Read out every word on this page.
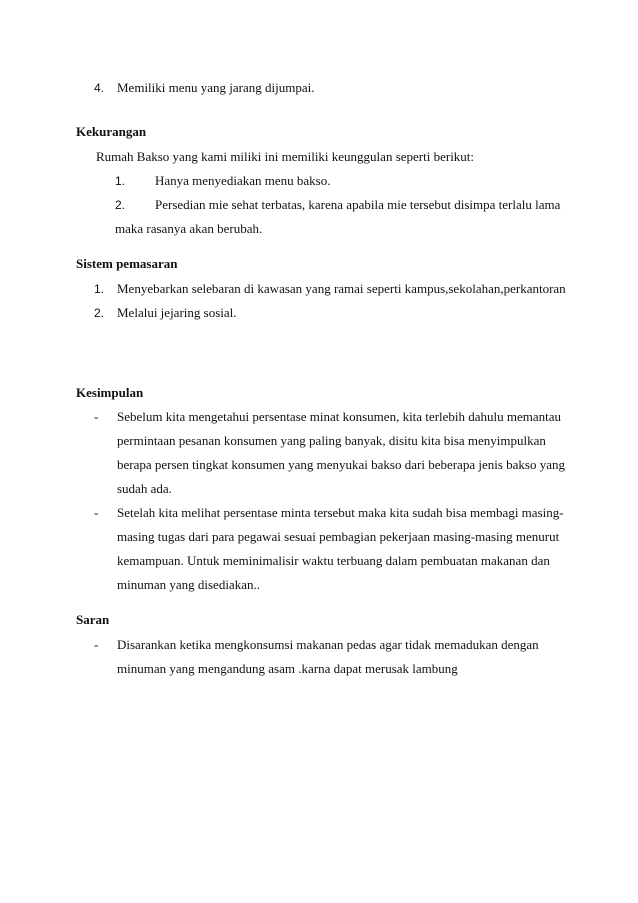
4. Memiliki menu yang jarang dijumpai.
Kekurangan
Rumah Bakso yang kami miliki ini memiliki keunggulan seperti berikut:
1. Hanya menyediakan menu bakso.
2. Persedian mie sehat terbatas, karena apabila mie tersebut disimpa terlalu lama
maka rasanya akan berubah.
Sistem pemasaran
1. Menyebarkan selebaran di kawasan yang ramai seperti kampus,sekolahan,perkantoran
2. Melalui jejaring sosial.
Kesimpulan
- Sebelum kita mengetahui persentase minat konsumen, kita terlebih dahulu memantau
permintaan pesanan konsumen yang paling banyak, disitu kita bisa menyimpulkan
berapa persen tingkat konsumen yang menyukai bakso dari beberapa jenis bakso yang
sudah ada.
- Setelah kita melihat persentase minta tersebut maka kita sudah bisa membagi masing-
masing tugas dari para pegawai sesuai pembagian pekerjaan masing-masing menurut
kemampuan. Untuk meminimalisir waktu terbuang dalam pembuatan makanan dan
minuman yang disediakan..
Saran
- Disarankan ketika mengkonsumsi makanan pedas agar tidak memadukan dengan
minuman yang mengandung asam .karna dapat merusak lambung
